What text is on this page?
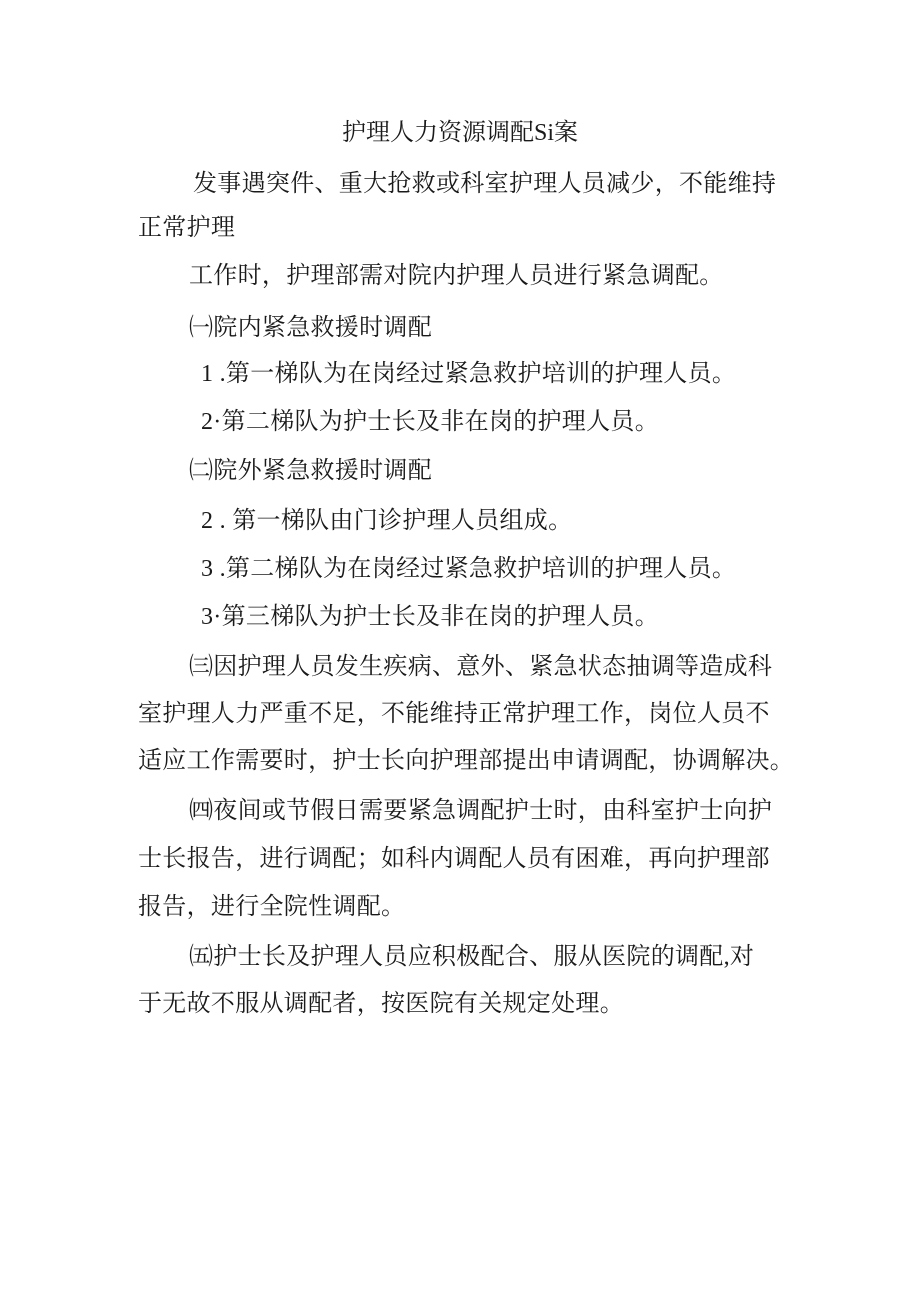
护理人力资源调配Si案
发事遇突件、重大抢救或科室护理人员减少，不能维持
正常护理
工作时，护理部需对院内护理人员进行紧急调配。
㈠院内紧急救援时调配
1 .第一梯队为在岗经过紧急救护培训的护理人员。
2·第二梯队为护士长及非在岗的护理人员。
㈡院外紧急救援时调配
2 . 第一梯队由门诊护理人员组成。
3 .第二梯队为在岗经过紧急救护培训的护理人员。
3·第三梯队为护士长及非在岗的护理人员。
㈢因护理人员发生疾病、意外、紧急状态抽调等造成科
室护理人力严重不足，不能维持正常护理工作，岗位人员不
适应工作需要时，护士长向护理部提出申请调配，协调解决。
㈣夜间或节假日需要紧急调配护士时，由科室护士向护
士长报告，进行调配；如科内调配人员有困难，再向护理部
报告，进行全院性调配。
㈤护士长及护理人员应积极配合、服从医院的调配,对
于无故不服从调配者，按医院有关规定处理。
